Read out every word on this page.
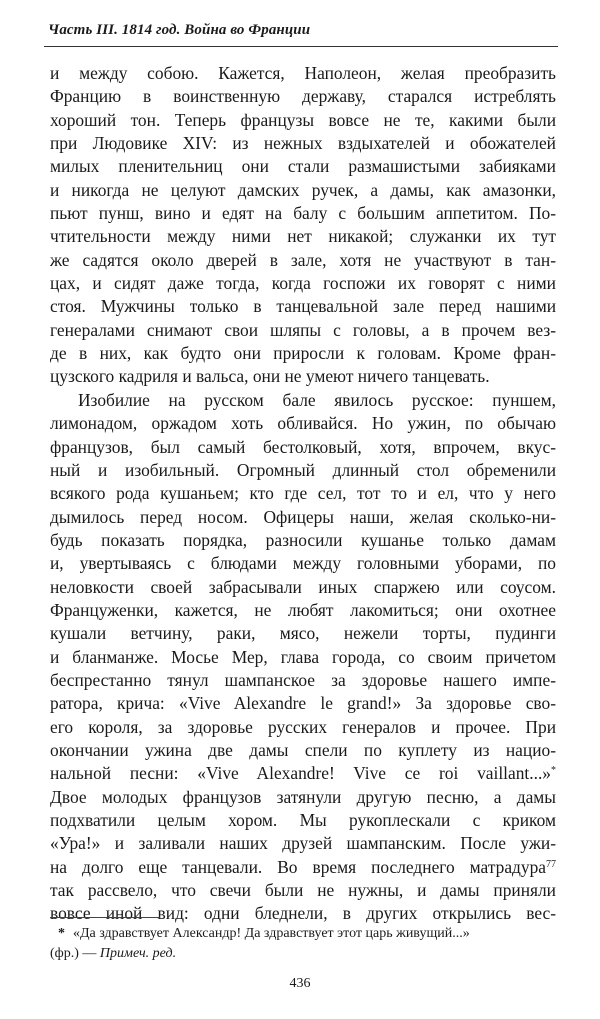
Часть III. 1814 год. Война во Франции
и между собою. Кажется, Наполеон, желая преобразить
Францию в воинственную державу, старался истреблять
хороший тон. Теперь французы вовсе не те, какими были
при Людовике XIV: из нежных вздыхателей и обожателей
милых пленительниц они стали размашистыми забияками
и никогда не целуют дамских ручек, а дамы, как амазонки,
пьют пунш, вино и едят на балу с большим аппетитом. По-
чтительности между ними нет никакой; служанки их тут
же садятся около дверей в зале, хотя не участвуют в тан-
цах, и сидят даже тогда, когда госпожи их говорят с ними
стоя. Мужчины только в танцевальной зале перед нашими
генералами снимают свои шляпы с головы, а в прочем вез-
де в них, как будто они приросли к головам. Кроме фран-
цузского кадриля и вальса, они не умеют ничего танцевать.
Изобилие на русском бале явилось русское: пуншем,
лимонадом, оржадом хоть обливайся. Но ужин, по обычаю
французов, был самый бестолковый, хотя, впрочем, вкус-
ный и изобильный. Огромный длинный стол обременили
всякого рода кушаньем; кто где сел, тот то и ел, что у него
дымилось перед носом. Офицеры наши, желая сколько-ни-
будь показать порядка, разносили кушанье только дамам
и, увертываясь с блюдами между головными уборами, по
неловкости своей забрасывали иных спаржею или соусом.
Француженки, кажется, не любят лакомиться; они охотнее
кушали ветчину, раки, мясо, нежели торты, пудинги
и бланманже. Мосье Мер, глава города, со своим причетом
беспрестанно тянул шампанское за здоровье нашего импе-
ратора, крича: «Vive Alexandre le grand!» За здоровье сво-
его короля, за здоровье русских генералов и прочее. При
окончании ужина две дамы спели по куплету из нацио-
нальной песни: «Vive Alexandre! Vive ce roi vaillant...»*
Двое молодых французов затянули другую песню, а дамы
подхватили целым хором. Мы рукоплескали с криком
«Ура!» и заливали наших друзей шампанским. После ужи-
на долго еще танцевали. Во время последнего матрадура$^{77}$
так рассвело, что свечи были не нужны, и дамы приняли
вовсе иной вид: одни бледнели, в других открылись вес-
* «Да здравствует Александр! Да здравствует этот царь живущий...»
(фр.) — Примеч. ред.
436
